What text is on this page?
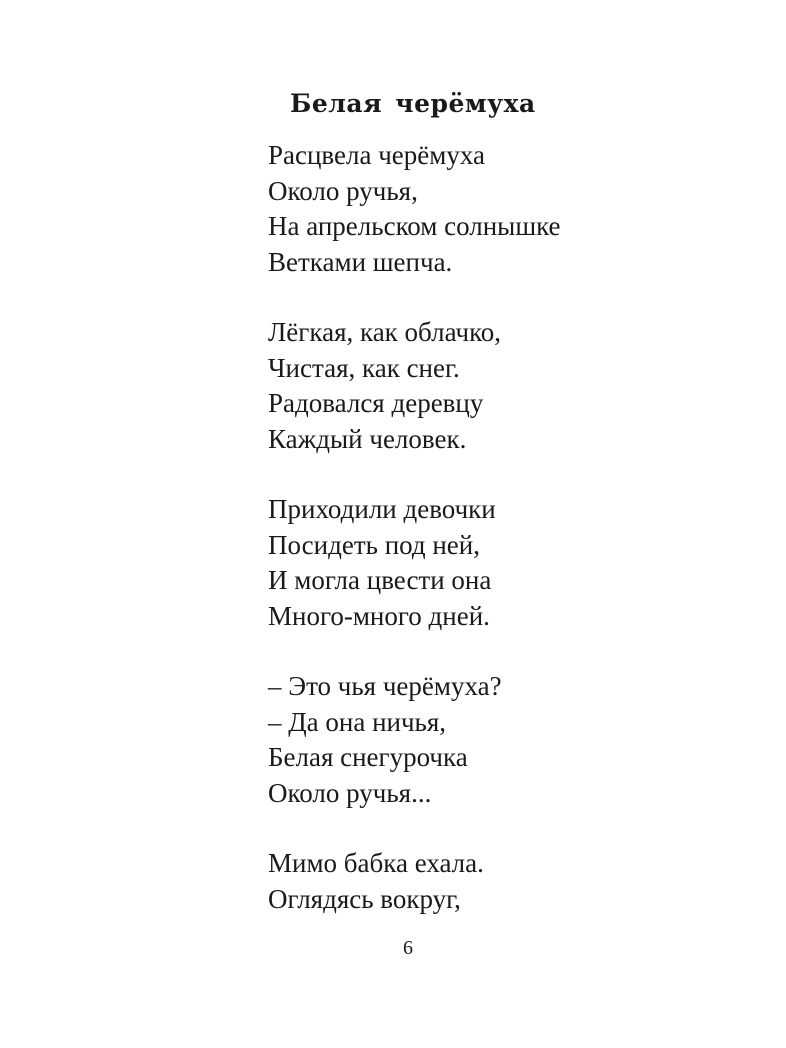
Белая черёмуха
Расцвела черёмуха
Около ручья,
На апрельском солнышке
Ветками шепча.
Лёгкая, как облачко,
Чистая, как снег.
Радовался деревцу
Каждый человек.
Приходили девочки
Посидеть под ней,
И могла цвести она
Много-много дней.
– Это чья черёмуха?
– Да она ничья,
Белая снегурочка
Около ручья...
Мимо бабка ехала.
Оглядясь вокруг,
6
